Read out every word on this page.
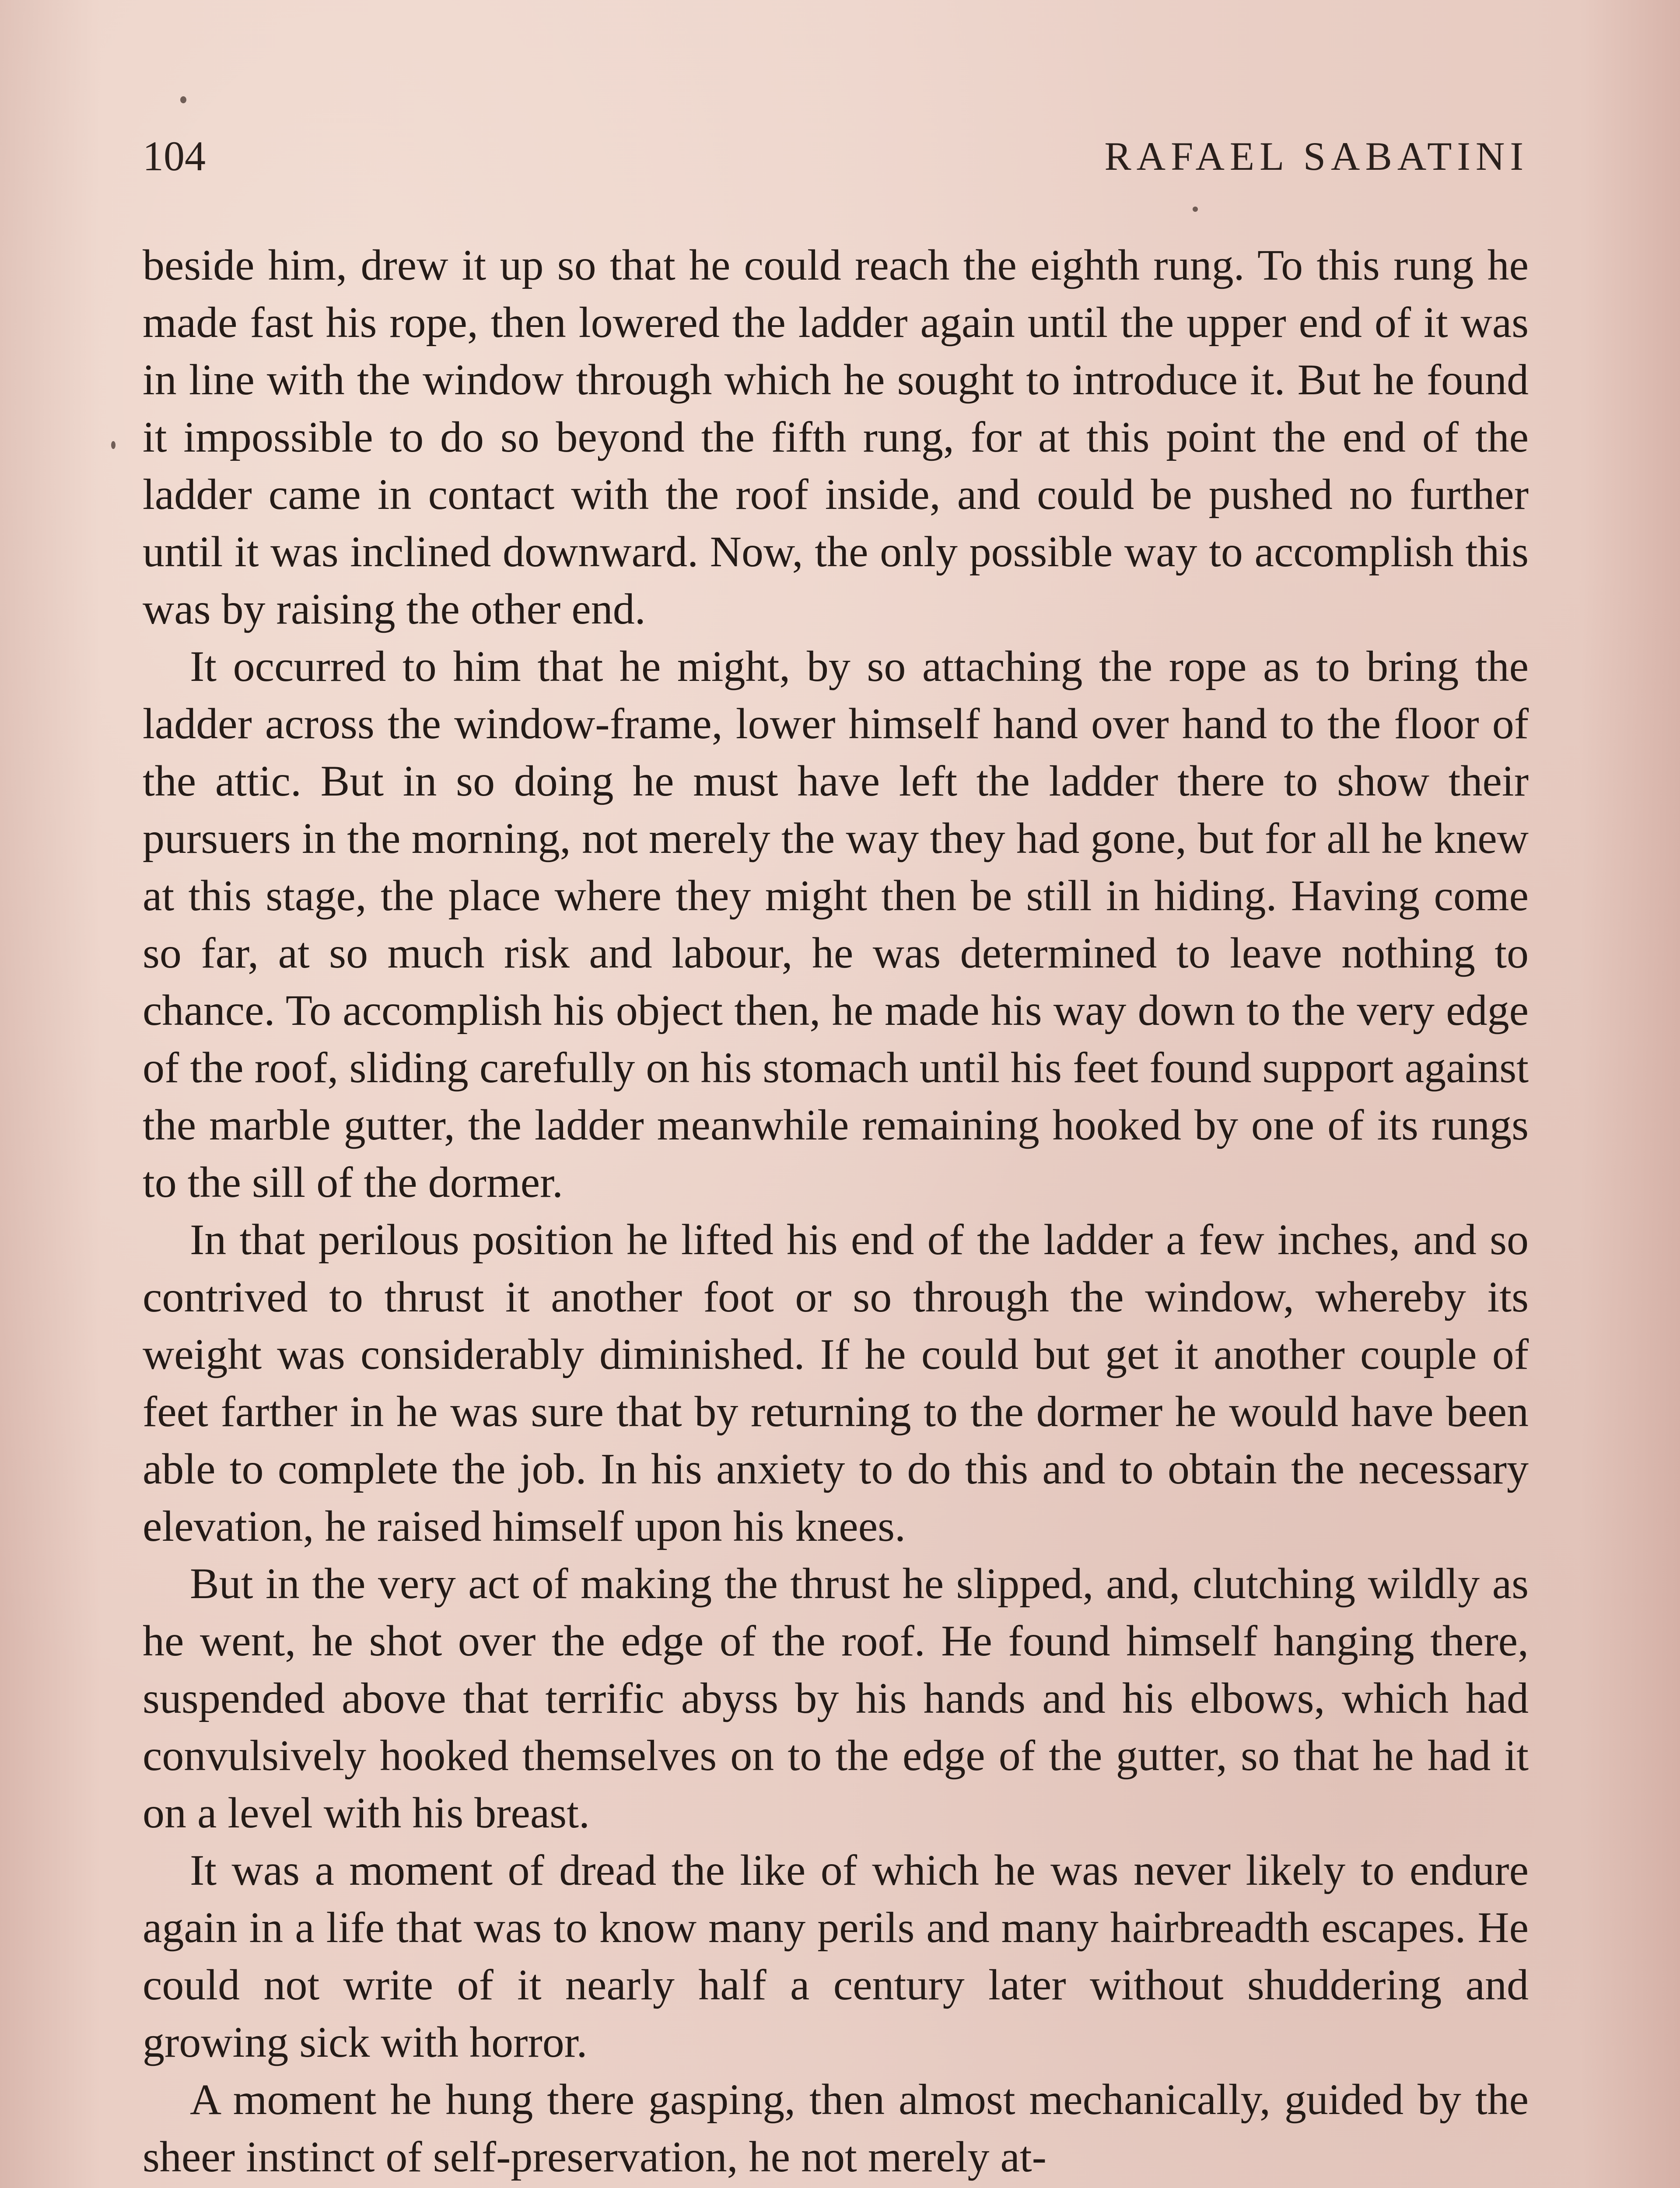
104	RAFAEL SABATINI

beside him, drew it up so that he could reach the eighth rung. To this rung he made fast his rope, then lowered the ladder again until the upper end of it was in line with the window through which he sought to introduce it. But he found it impossible to do so beyond the fifth rung, for at this point the end of the ladder came in contact with the roof inside, and could be pushed no further until it was inclined downward. Now, the only possible way to accomplish this was by raising the other end.

It occurred to him that he might, by so attaching the rope as to bring the ladder across the window-frame, lower himself hand over hand to the floor of the attic. But in so doing he must have left the ladder there to show their pursuers in the morning, not merely the way they had gone, but for all he knew at this stage, the place where they might then be still in hiding. Having come so far, at so much risk and labour, he was determined to leave nothing to chance. To accomplish his object then, he made his way down to the very edge of the roof, sliding carefully on his stomach until his feet found support against the marble gutter, the ladder meanwhile remaining hooked by one of its rungs to the sill of the dormer.

In that perilous position he lifted his end of the ladder a few inches, and so contrived to thrust it another foot or so through the window, whereby its weight was considerably diminished. If he could but get it another couple of feet farther in he was sure that by returning to the dormer he would have been able to complete the job. In his anxiety to do this and to obtain the necessary elevation, he raised himself upon his knees.

But in the very act of making the thrust he slipped, and, clutching wildly as he went, he shot over the edge of the roof. He found himself hanging there, suspended above that terrific abyss by his hands and his elbows, which had convulsively hooked themselves on to the edge of the gutter, so that he had it on a level with his breast.

It was a moment of dread the like of which he was never likely to endure again in a life that was to know many perils and many hairbreadth escapes. He could not write of it nearly half a century later without shuddering and growing sick with horror.

A moment he hung there gasping, then almost mechanically, guided by the sheer instinct of self-preservation, he not merely at-
